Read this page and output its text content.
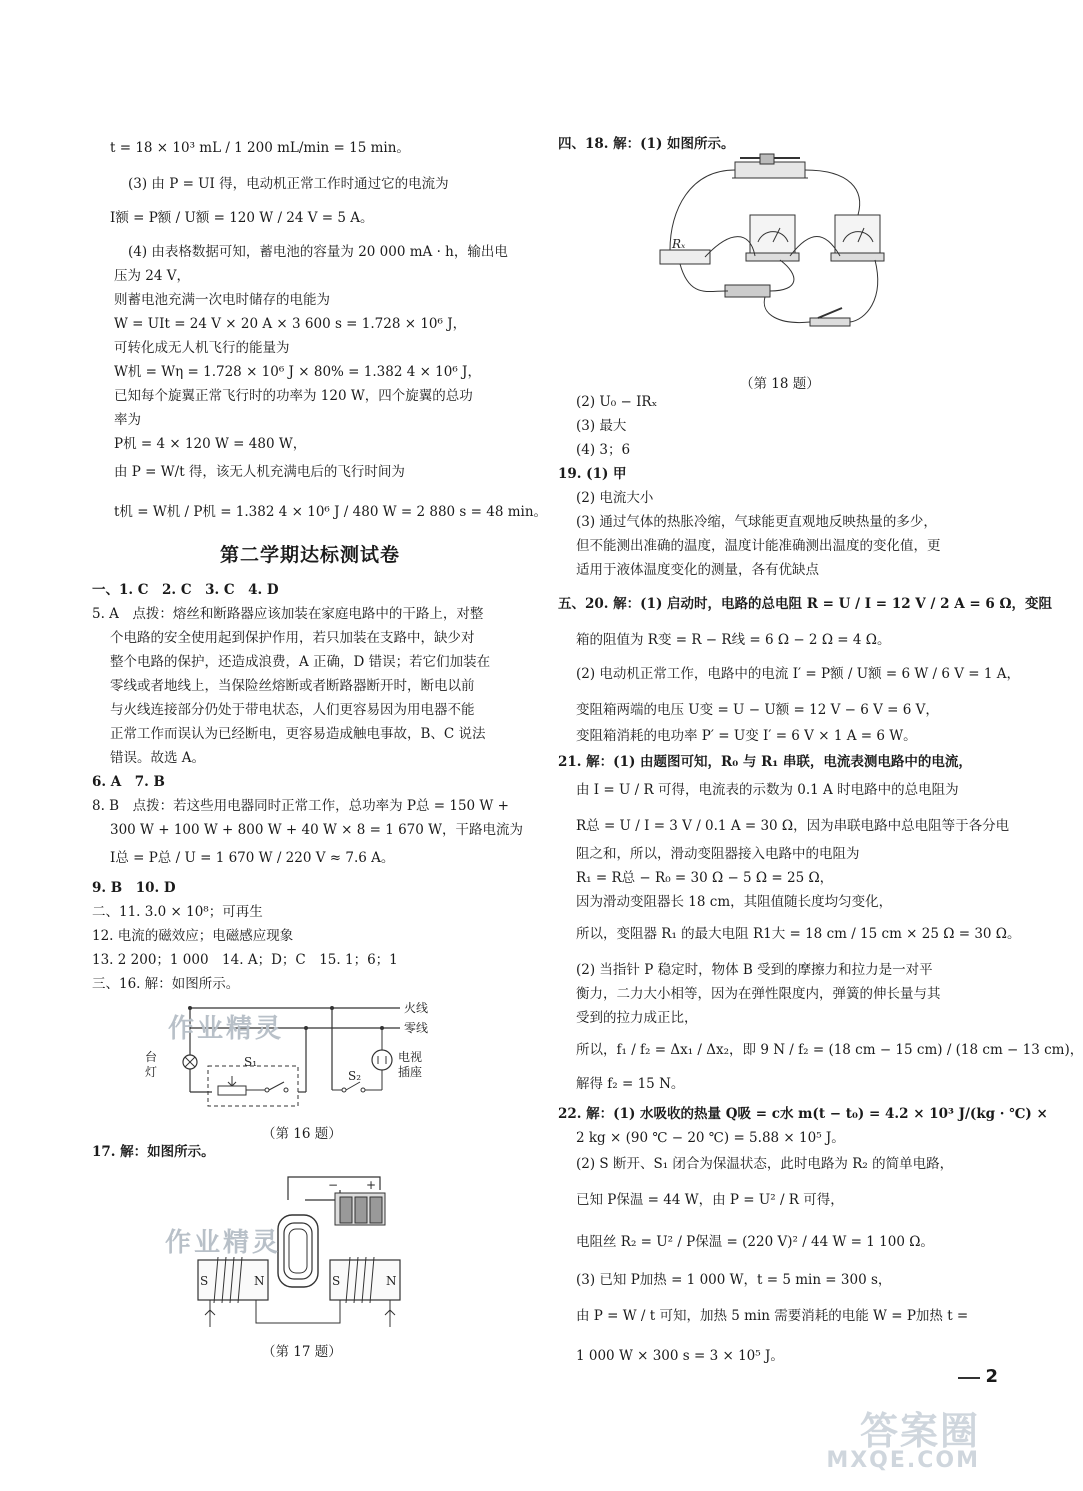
t = 18 × 10³ mL / 1 200 mL/min = 15 min。
(3) 由 P = UI 得，电动机正常工作时通过它的电流为
I额 = P额 / U额 = 120 W / 24 V = 5 A。
(4) 由表格数据可知，蓄电池的容量为 20 000 mA · h，输出电
压为 24 V，
则蓄电池充满一次电时储存的电能为
W = UIt = 24 V × 20 A × 3 600 s = 1.728 × 10⁶ J，
可转化成无人机飞行的能量为
W机 = Wη = 1.728 × 10⁶ J × 80% = 1.382 4 × 10⁶ J，
已知每个旋翼正常飞行时的功率为 120 W，四个旋翼的总功
率为
P机 = 4 × 120 W = 480 W，
由 P = W/t 得，该无人机充满电后的飞行时间为
t机 = W机 / P机 = 1.382 4 × 10⁶ J / 480 W = 2 880 s = 48 min。
第二学期达标测试卷
一、1. C　2. C　3. C　4. D
5. A　点拨：熔丝和断路器应该加装在家庭电路中的干路上，对整
个电路的安全使用起到保护作用，若只加装在支路中，缺少对
整个电路的保护，还造成浪费，A 正确，D 错误；若它们加装在
零线或者地线上，当保险丝熔断或者断路器断开时，断电以前
与火线连接部分仍处于带电状态，人们更容易因为用电器不能
正常工作而误认为已经断电，更容易造成触电事故，B、C 说法
错误。故选 A。
6. A　7. B
8. B　点拨：若这些用电器同时正常工作，总功率为 P总 = 150 W +
300 W + 100 W + 800 W + 40 W × 8 = 1 670 W，干路电流为
I总 = P总 / U = 1 670 W / 220 V ≈ 7.6 A。
9. B　10. D
二、11. 3.0 × 10⁸；可再生
12. 电流的磁效应；电磁感应现象
13. 2 200；1 000　14. A；D；C　15. 1；6；1
三、16. 解：如图所示。
火线
零线
S₁
S₂
台灯
电视插座
（第 16 题）
17. 解：如图所示。
− +
S	N	S	N
（第 17 题）
四、18. 解：(1) 如图所示。
Rₓ
（第 18 题）
(2) U₀ − IRₓ
(3) 最大
(4) 3；6
19. (1) 甲
(2) 电流大小
(3) 通过气体的热胀冷缩，气球能更直观地反映热量的多少，
但不能测出准确的温度，温度计能准确测出温度的变化值，更
适用于液体温度变化的测量，各有优缺点
五、20. 解：(1) 启动时，电路的总电阻 R = U / I = 12 V / 2 A = 6 Ω，变阻
箱的阻值为 R变 = R − R线 = 6 Ω − 2 Ω = 4 Ω。
(2) 电动机正常工作，电路中的电流 I′ = P额 / U额 = 6 W / 6 V = 1 A，
变阻箱两端的电压 U变 = U − U额 = 12 V − 6 V = 6 V，
变阻箱消耗的电功率 P′ = U变 I′ = 6 V × 1 A = 6 W。
21. 解：(1) 由题图可知，R₀ 与 R₁ 串联，电流表测电路中的电流，
由 I = U / R 可得，电流表的示数为 0.1 A 时电路中的总电阻为
R总 = U / I = 3 V / 0.1 A = 30 Ω，因为串联电路中总电阻等于各分电
阻之和，所以，滑动变阻器接入电路中的电阻为
R₁ = R总 − R₀ = 30 Ω − 5 Ω = 25 Ω，
因为滑动变阻器长 18 cm，其阻值随长度均匀变化，
所以，变阻器 R₁ 的最大电阻 R1大 = 18 cm / 15 cm × 25 Ω = 30 Ω。
(2) 当指针 P 稳定时，物体 B 受到的摩擦力和拉力是一对平
衡力，二力大小相等，因为在弹性限度内，弹簧的伸长量与其
受到的拉力成正比，
所以，f₁ / f₂ = Δx₁ / Δx₂，即 9 N / f₂ = (18 cm − 15 cm) / (18 cm − 13 cm)，
解得 f₂ = 15 N。
22. 解：(1) 水吸收的热量 Q吸 = c水 m(t − t₀) = 4.2 × 10³ J/(kg · ℃) ×
2 kg × (90 ℃ − 20 ℃) = 5.88 × 10⁵ J。
(2) S 断开、S₁ 闭合为保温状态，此时电路为 R₂ 的简单电路，
已知 P保温 = 44 W，由 P = U² / R 可得，
电阻丝 R₂ = U² / P保温 = (220 V)² / 44 W = 1 100 Ω。
(3) 已知 P加热 = 1 000 W，t = 5 min = 300 s，
由 P = W / t 可知，加热 5 min 需要消耗的电能 W = P加热 t =
1 000 W × 300 s = 3 × 10⁵ J。
作业精灵
作业精灵
2
答案圈
MXQE.COM
